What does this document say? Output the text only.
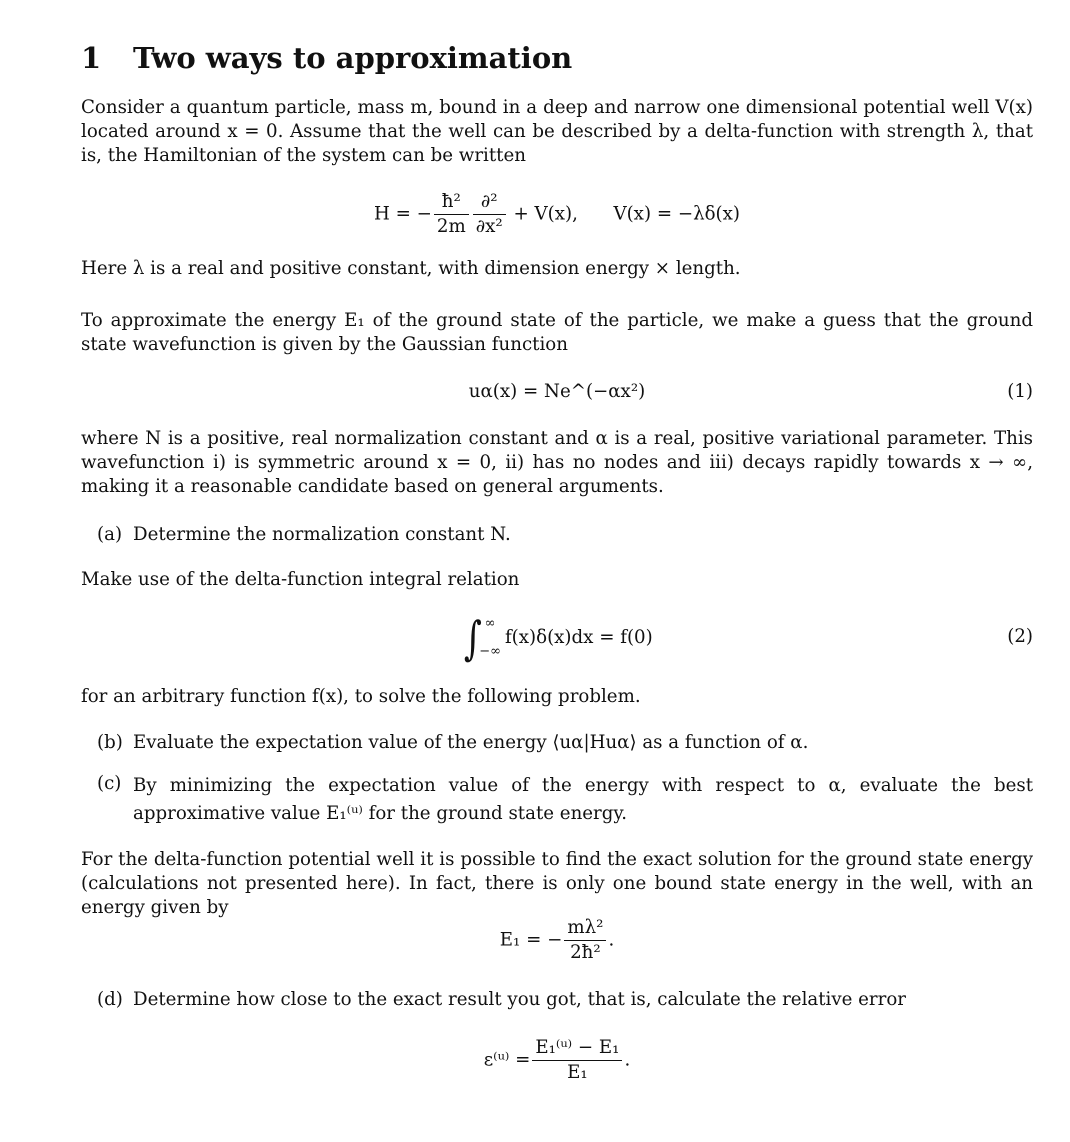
1 Two ways to approximation

Consider a quantum particle, mass m, bound in a deep and narrow one dimensional potential well V(x) located around x = 0. Assume that the well can be described by a delta-function with strength λ, that is, the Hamiltonian of the system can be written

H = − $\frac{\text{ħ²}}{2m} \frac{\text{∂²}}{\text{∂x²}} + V(x)$, V(x) = −λδ(x)

Here λ is a real and positive constant, with dimension energy × length.

To approximate the energy E₁ of the ground state of the particle, we make a guess that the ground state wavefunction is given by the Gaussian function

uα(x) = Ne^(−αx²)	(1)

where N is a positive, real normalization constant and α is a real, positive variational parameter. This wavefunction i) is symmetric around x = 0, ii) has no nodes and iii) decays rapidly towards x → ∞, making it a reasonable candidate based on general arguments.

(a) Determine the normalization constant N.

Make use of the delta-function integral relation

∫ ∞
−∞
f(x)δ(x)dx = f(0)	(2)

for an arbitrary function f(x), to solve the following problem.

(b) Evaluate the expectation value of the energy ⟨uα|Huα⟩ as a function of α.
(c) By minimizing the expectation value of the energy with respect to α, evaluate the best approximative value E₁⁽ᵘ⁾ for the ground state energy.

For the delta-function potential well it is possible to find the exact solution for the ground state energy (calculations not presented here). In fact, there is only one bound state energy in the well, with an energy given by

E₁ = − $\frac{\text{mλ²}}{\text{2ħ²}}$ .
(d) Determine how close to the exact result you got, that is, calculate the relative error
ε⁽ᵘ⁾ = $\frac{\text{E₁⁽ᵘ⁾ − E₁}}{\text{E₁}}$ .
